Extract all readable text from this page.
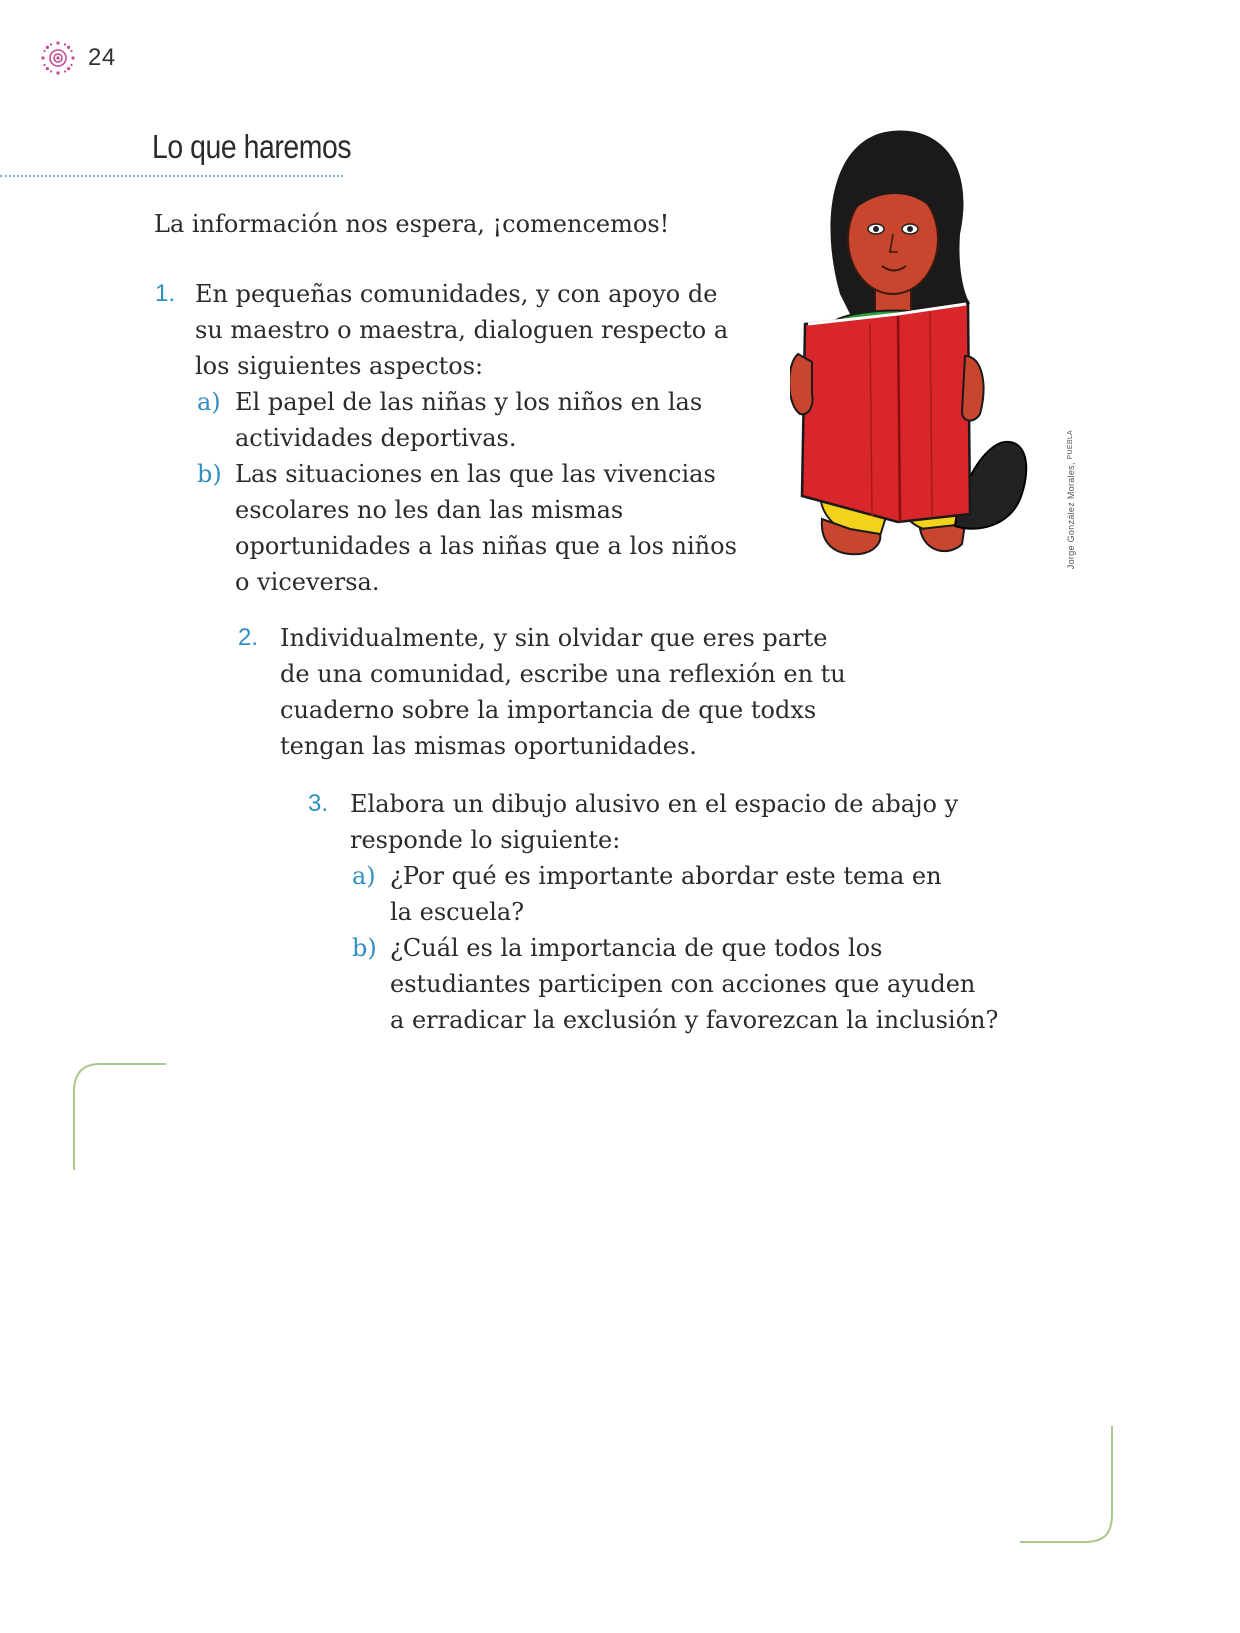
24
Lo que haremos
La información nos espera, ¡comencemos!
1. En pequeñas comunidades, y con apoyo de
su maestro o maestra, dialoguen respecto a
los siguientes aspectos:
a) El papel de las niñas y los niños en las
actividades deportivas.
b) Las situaciones en las que las vivencias
escolares no les dan las mismas
oportunidades a las niñas que a los niños
o viceversa.
2. Individualmente, y sin olvidar que eres parte
de una comunidad, escribe una reflexión en tu
cuaderno sobre la importancia de que todxs
tengan las mismas oportunidades.
3. Elabora un dibujo alusivo en el espacio de abajo y
responde lo siguiente:
a) ¿Por qué es importante abordar este tema en
la escuela?
b) ¿Cuál es la importancia de que todos los
estudiantes participen con acciones que ayuden
a erradicar la exclusión y favorezcan la inclusión?
Jorge González Morales, PUEBLA
